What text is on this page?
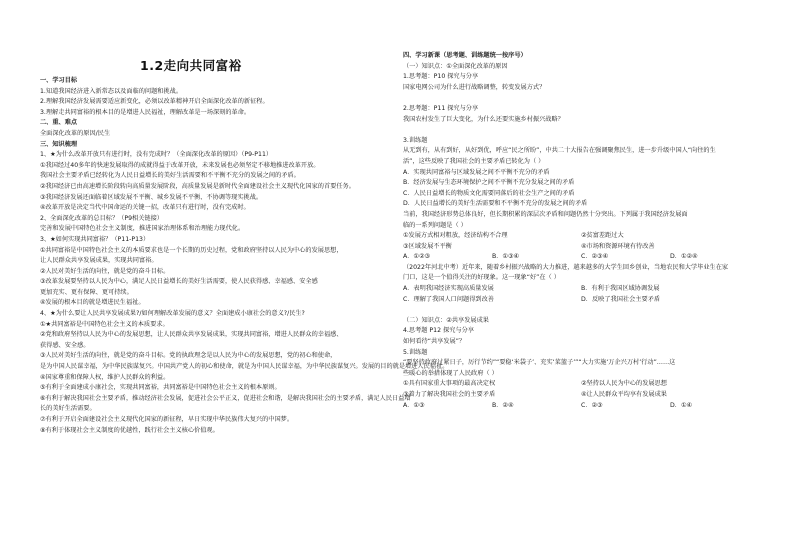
1.2走向共同富裕
一、学习目标
1.知道我国经济进入新常态以及面临的问题和挑战。
2.理解我国经济发展需要适应新变化，必须以改革精神开启全面深化改革的新征程。
3.理解走共同富裕的根本目的是增进人民福祉，理解改革是一场深刻的革命。
二、重、难点
全面深化改革的原因/民生
三、知识梳理
1、★为什么改革开放只有进行时，没有完成时？（全面深化改革的原因）（P9-P11）
①我国经过40多年的快速发展取得的成就得益于改革开放，未来发展也必须坚定不移地推进改革开放。
我国社会主要矛盾已经转化为人民日益增长的美好生活需要和不平衡不充分的发展之间的矛盾。
②我国经济已由高速增长阶段转向高质量发展阶段，高质量发展是新时代全面建设社会主义现代化国家的首要任务。
③我国经济发展还面临着区域发展不平衡、城乡发展不平衡、不协调等现实挑战。
④改革开放是决定当代中国命运的关键一招，改革只有进行时，没有完成时。
2、全面深化改革的总目标？（P9相关链接）
完善和发展中国特色社会主义制度，推进国家治理体系和治理能力现代化。
3、★如何实现共同富裕？（P11-P13）
①共同富裕是中国特色社会主义的本质要求也是一个长期的历史过程，党和政府坚持以人民为中心的发展思想，
让人民群众共享发展成果，实现共同富裕。
②人民对美好生活的向往，就是党的奋斗目标。
③改革发展要坚持以人民为中心，满足人民日益增长的美好生活需要，使人民获得感、幸福感、安全感
更加充实、更有保障、更可持续。
④发展的根本目的就是增进民生福祉。
4、★为什么要让人民共享发展成果?/如何理解改革发展的意义？全面建成小康社会的意义?/民生?
①★共同富裕是中国特色社会主义的本质要求。
②党和政府坚持以人民为中心的发展思想，让人民群众共享发展成果，实现共同富裕，增进人民群众的幸福感、
获得感、安全感。
③人民对美好生活的向往，就是党的奋斗目标。党的执政理念是以人民为中心的发展思想，党的初心和使命，
是为中国人民谋幸福，为中华民族谋复兴。中国共产党人的初心和使命，就是为中国人民谋幸福，为中华民族谋复兴。发展的目的就是增进人民福祉。
④国家尊重和保障人权，维护人民群众的利益。
⑤有利于全面建成小康社会，实现共同富裕，共同富裕是中国特色社会主义的根本原则。
⑥有利于解决我国社会主要矛盾，推动经济社会发展，促进社会公平正义，促进社会和谐，是解决我国社会的主要矛盾，满足人民日益增
长的美好生活需要。
⑦有利于开启全面建设社会主义现代化国家的新征程，早日实现中华民族伟大复兴的中国梦。
⑧有利于体现社会主义制度的优越性，践行社会主义核心价值观。
四、学习新课（思考题、训练题统一按序号）
（一）知识点：①全面深化改革的原因
1.思考题：P10 探究与分享
国家电网公司为什么进行战略调整，转变发展方式？

2.思考题：P11 探究与分享
我国农村发生了巨大变化，为什么还要实施乡村振兴战略？

3.训练题
从无到有，从有到好，从好到优，呼应“民之所盼”，中共二十大报告在强调聚焦民生，进一步升级中国人“向往的生
活”，这些反映了我国社会的主要矛盾已转化为（ ）
A．实现共同富裕与区域发展之间不平衡不充分的矛盾
B．经济发展与生态环境保护之间不平衡不充分发展之间的矛盾
C．人民日益增长的物质文化需要同落后的社会生产之间的矛盾
D．人民日益增长的美好生活需要和不平衡不充分的发展之间的矛盾
当前，我国经济形势总体良好，但长期积累的深层次矛盾和问题仍然十分突出。下列属于我国经济发展面
临的一系列问题是（ ）
①发展方式相对粗放，经济结构不合理	②贫富差距过大
③区域发展不平衡	④市场和资源环境有待改善
A．①②③	B．①③④	C．②③④	D．①②④
（2022年河北中考）近年来，随着乡村振兴战略的大力推进，越来越多的大学生回乡创业，当地农民和大学毕业生在家
门口，这是一个值得关注的好现象。这一现象“好”在（ ）
A．表明我国经济实现高质量发展	B．有利于我国区域协调发展
C．理解了我国人口问题得到改善	D．反映了我国社会主要矛盾

（二）知识点：②共享发展成果
4.思考题 P12 探究与分享
如何看待“共享发展”？
5.训练题
“要坚持政府过紧日子，厉行节约”“要稳‘米袋子’、充实‘菜篮子’”“大力实施‘万企兴万村’行动”……这
些暖心的举措体现了人民政府（ ）
①具有国家重大事项的最高决定权	②坚持以人民为中心的发展思想
③着力了解决我国社会的主要矛盾	④让人民群众平均享有发展成果
A．①③	B．②④	C．②③	D．①④
